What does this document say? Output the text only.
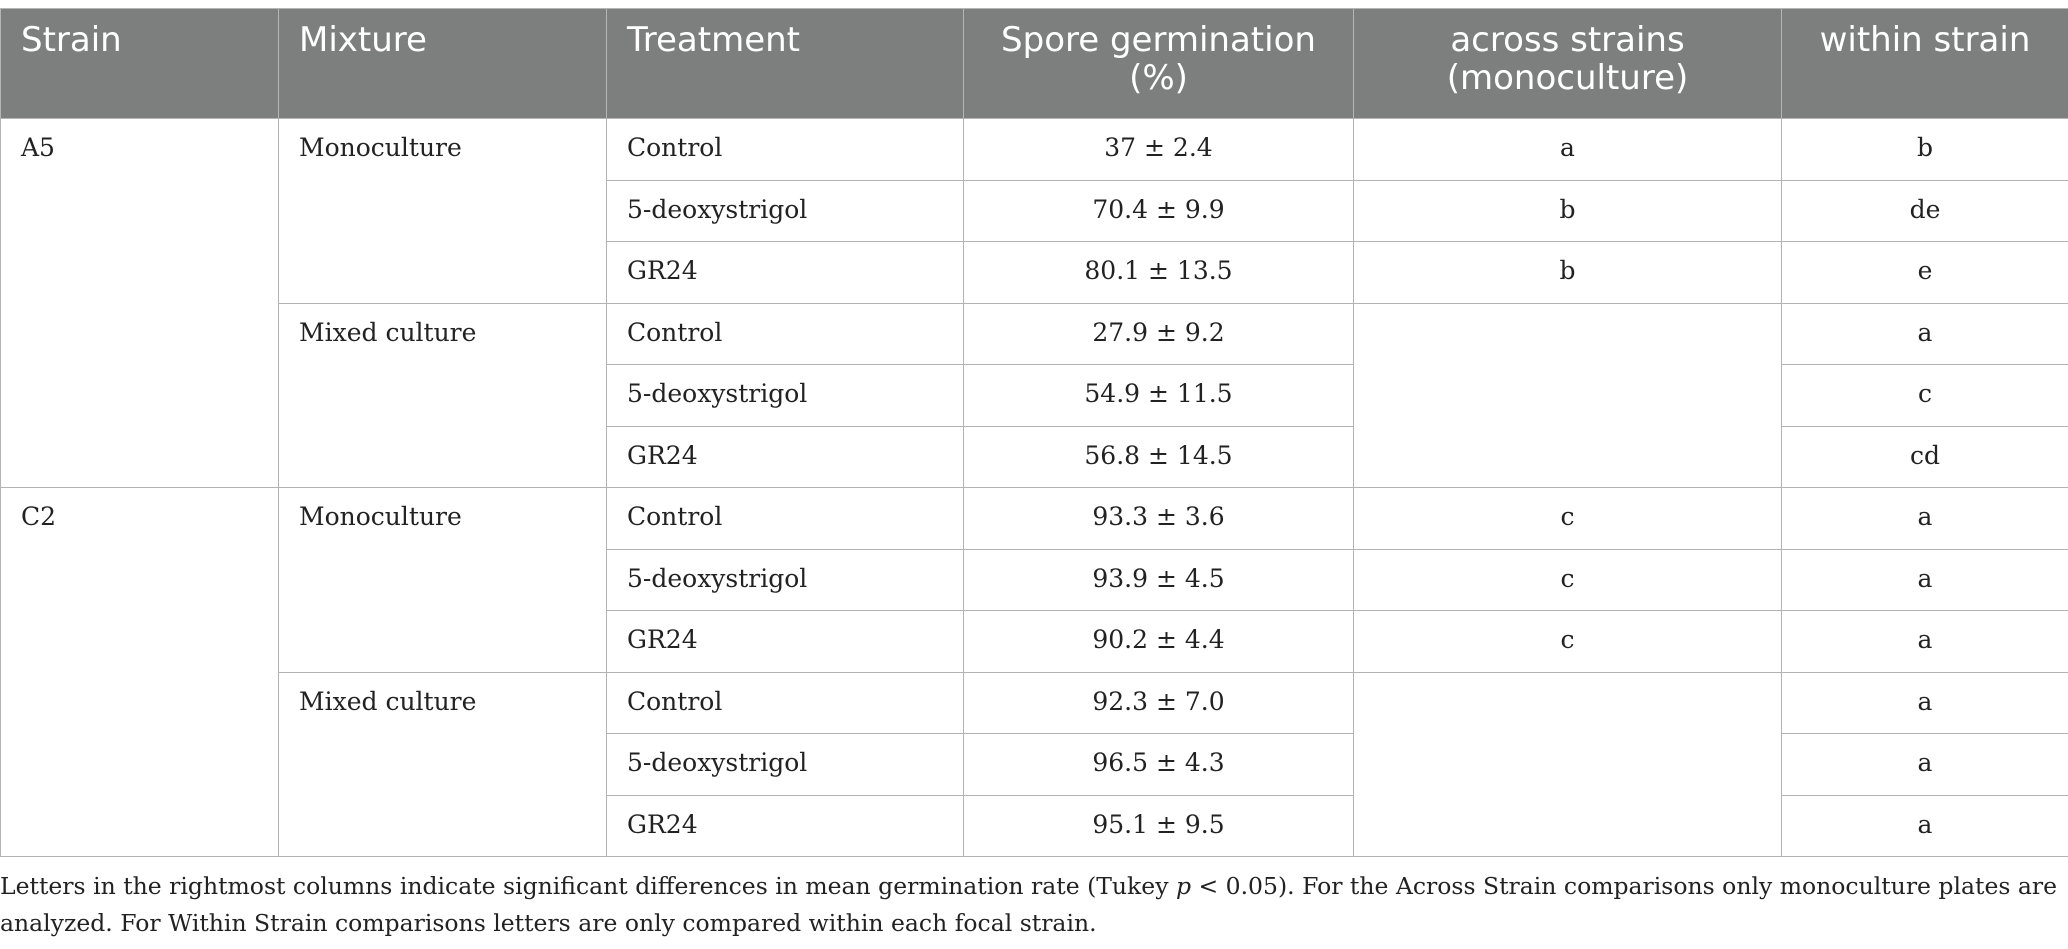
Strain	Mixture	Treatment	Spore germination (%)	across strains (monoculture)	within strain
A5	Monoculture	Control	37 ± 2.4	a	b
		5-deoxystrigol	70.4 ± 9.9	b	de
		GR24	80.1 ± 13.5	b	e
	Mixed culture	Control	27.9 ± 9.2		a
		5-deoxystrigol	54.9 ± 11.5		c
		GR24	56.8 ± 14.5		cd
C2	Monoculture	Control	93.3 ± 3.6	c	a
		5-deoxystrigol	93.9 ± 4.5	c	a
		GR24	90.2 ± 4.4	c	a
	Mixed culture	Control	92.3 ± 7.0		a
		5-deoxystrigol	96.5 ± 4.3		a
		GR24	95.1 ± 9.5		a
Letters in the rightmost columns indicate significant differences in mean germination rate (Tukey p < 0.05). For the Across Strain comparisons only monoculture plates are analyzed. For Within Strain comparisons letters are only compared within each focal strain.
